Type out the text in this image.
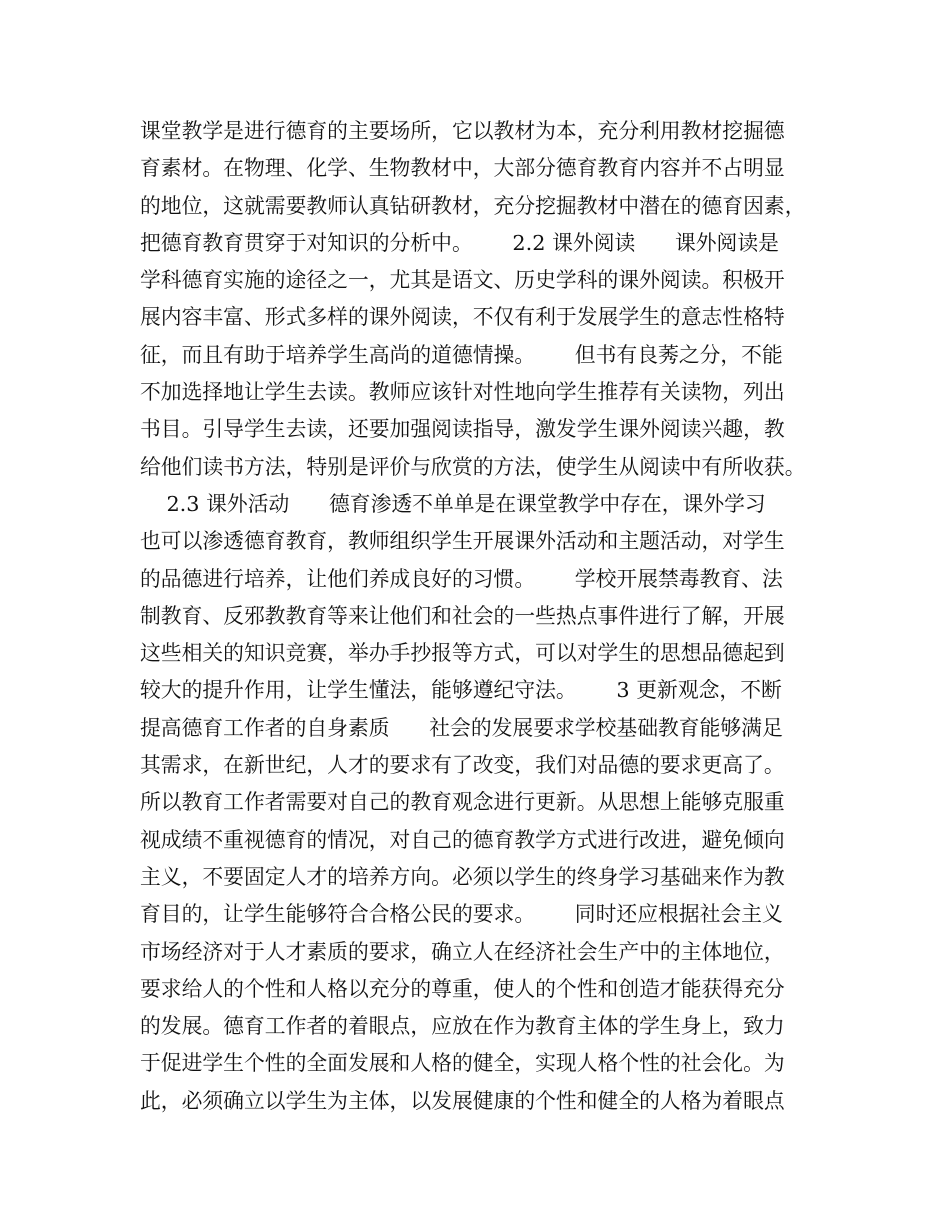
课堂教学是进行德育的主要场所，它以教材为本，充分利用教材挖掘德
育素材。在物理、化学、生物教材中，大部分德育教育内容并不占明显
的地位，这就需要教师认真钻研教材，充分挖掘教材中潜在的德育因素，
把德育教育贯穿于对知识的分析中。      2.2 课外阅读      课外阅读是
学科德育实施的途径之一，尤其是语文、历史学科的课外阅读。积极开
展内容丰富、形式多样的课外阅读，不仅有利于发展学生的意志性格特
征，而且有助于培养学生高尚的道德情操。      但书有良莠之分，不能
不加选择地让学生去读。教师应该针对性地向学生推荐有关读物，列出
书目。引导学生去读，还要加强阅读指导，激发学生课外阅读兴趣，教
给他们读书方法，特别是评价与欣赏的方法，使学生从阅读中有所收获。
2.3 课外活动      德育渗透不单单是在课堂教学中存在，课外学习
也可以渗透德育教育，教师组织学生开展课外活动和主题活动，对学生
的品德进行培养，让他们养成良好的习惯。      学校开展禁毒教育、法
制教育、反邪教教育等来让他们和社会的一些热点事件进行了解，开展
这些相关的知识竞赛，举办手抄报等方式，可以对学生的思想品德起到
较大的提升作用，让学生懂法，能够遵纪守法。      3 更新观念，不断
提高德育工作者的自身素质      社会的发展要求学校基础教育能够满足
其需求，在新世纪，人才的要求有了改变，我们对品德的要求更高了。
所以教育工作者需要对自己的教育观念进行更新。从思想上能够克服重
视成绩不重视德育的情况，对自己的德育教学方式进行改进，避免倾向
主义，不要固定人才的培养方向。必须以学生的终身学习基础来作为教
育目的，让学生能够符合合格公民的要求。      同时还应根据社会主义
市场经济对于人才素质的要求，确立人在经济社会生产中的主体地位，
要求给人的个性和人格以充分的尊重，使人的个性和创造才能获得充分
的发展。德育工作者的着眼点，应放在作为教育主体的学生身上，致力
于促进学生个性的全面发展和人格的健全，实现人格个性的社会化。为
此，必须确立以学生为主体，以发展健康的个性和健全的人格为着眼点
